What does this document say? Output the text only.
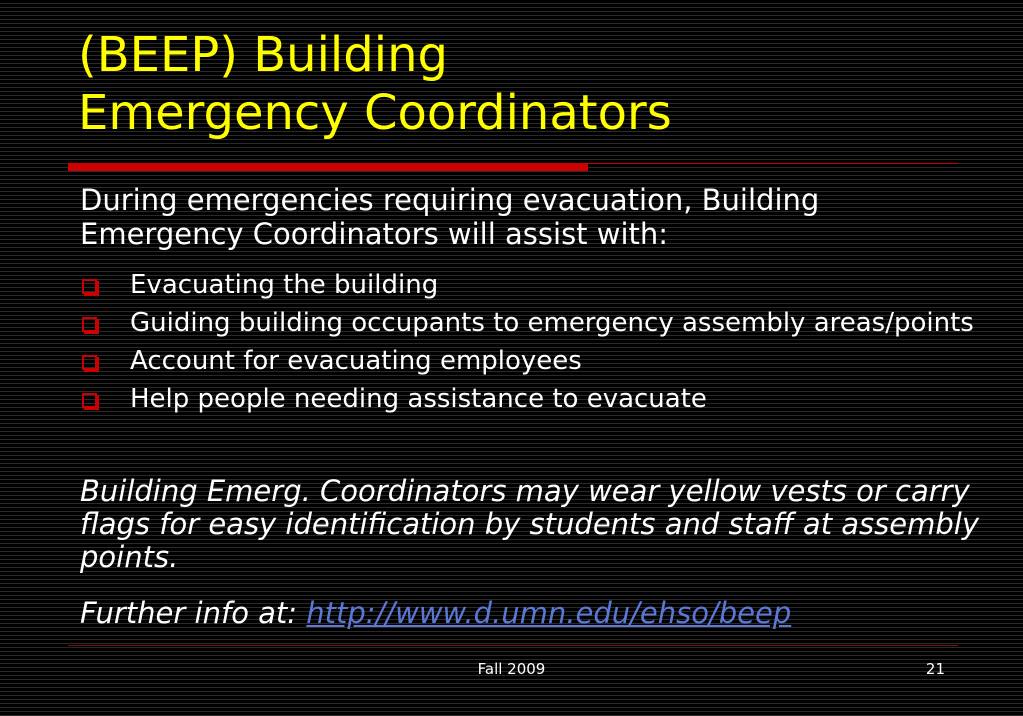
(BEEP) Building
Emergency Coordinators
During emergencies requiring evacuation, Building Emergency Coordinators will assist with:
Evacuating the building
Guiding building occupants to emergency assembly areas/points
Account for evacuating employees
Help people needing assistance to evacuate
Building Emerg. Coordinators may wear yellow vests or carry flags for easy identification by students and staff at assembly points.
Further info at: http://www.d.umn.edu/ehso/beep
Fall 2009	21
